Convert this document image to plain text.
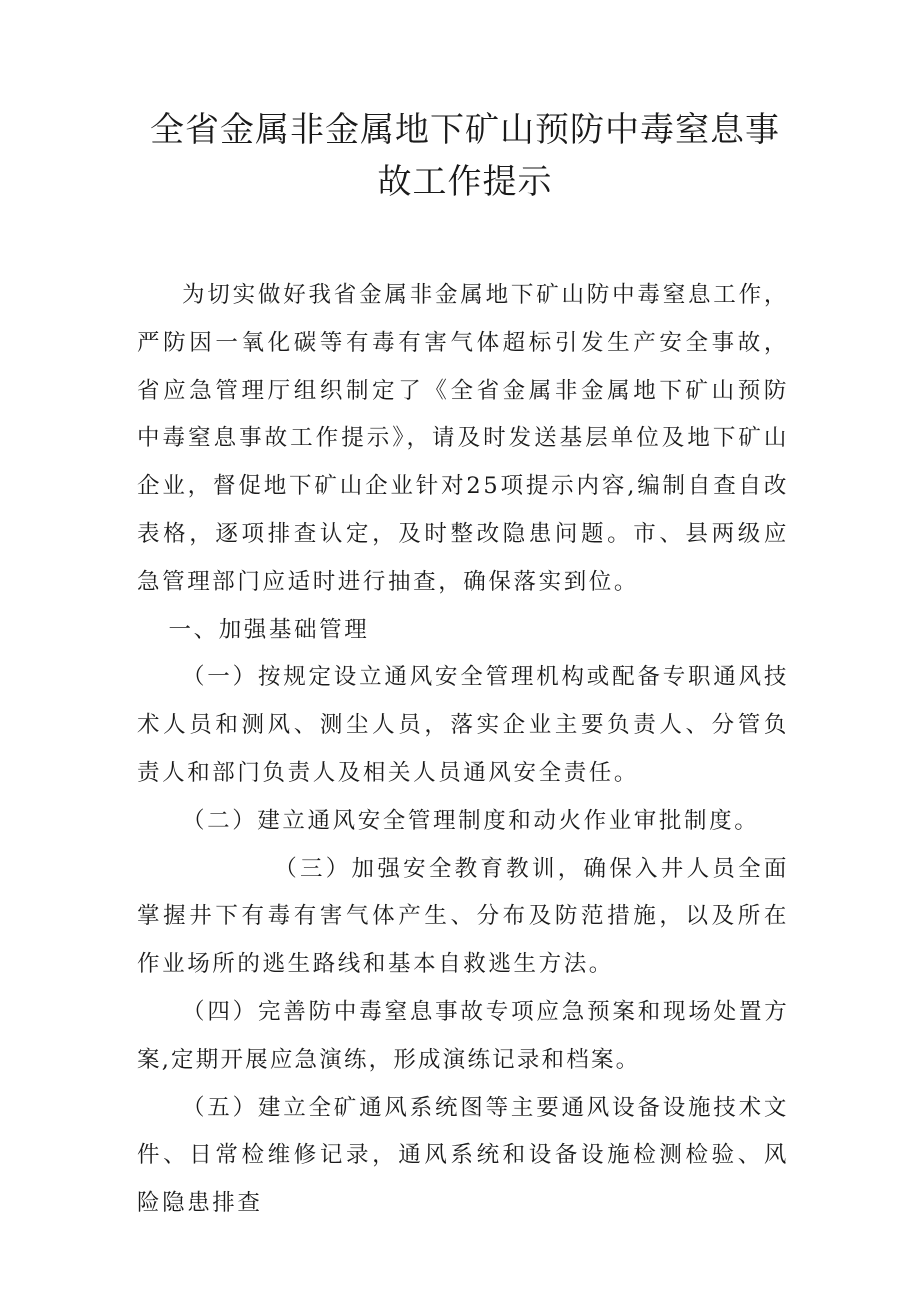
全省金属非金属地下矿山预防中毒窒息事
故工作提示

为切实做好我省金属非金属地下矿山防中毒窒息工作，严防因一氧化碳等有毒有害气体超标引发生产安全事故，省应急管理厅组织制定了《全省金属非金属地下矿山预防中毒窒息事故工作提示》，请及时发送基层单位及地下矿山企业，督促地下矿山企业针对25项提示内容,编制自查自改表格，逐项排查认定，及时整改隐患问题。市、县两级应急管理部门应适时进行抽查，确保落实到位。

一、加强基础管理

（一）按规定设立通风安全管理机构或配备专职通风技术人员和测风、测尘人员，落实企业主要负责人、分管负责人和部门负责人及相关人员通风安全责任。

（二）建立通风安全管理制度和动火作业审批制度。

（三）加强安全教育教训，确保入井人员全面掌握井下有毒有害气体产生、分布及防范措施，以及所在作业场所的逃生路线和基本自救逃生方法。

（四）完善防中毒窒息事故专项应急预案和现场处置方案,定期开展应急演练，形成演练记录和档案。

（五）建立全矿通风系统图等主要通风设备设施技术文件、日常检维修记录，通风系统和设备设施检测检验、风险隐患排查
